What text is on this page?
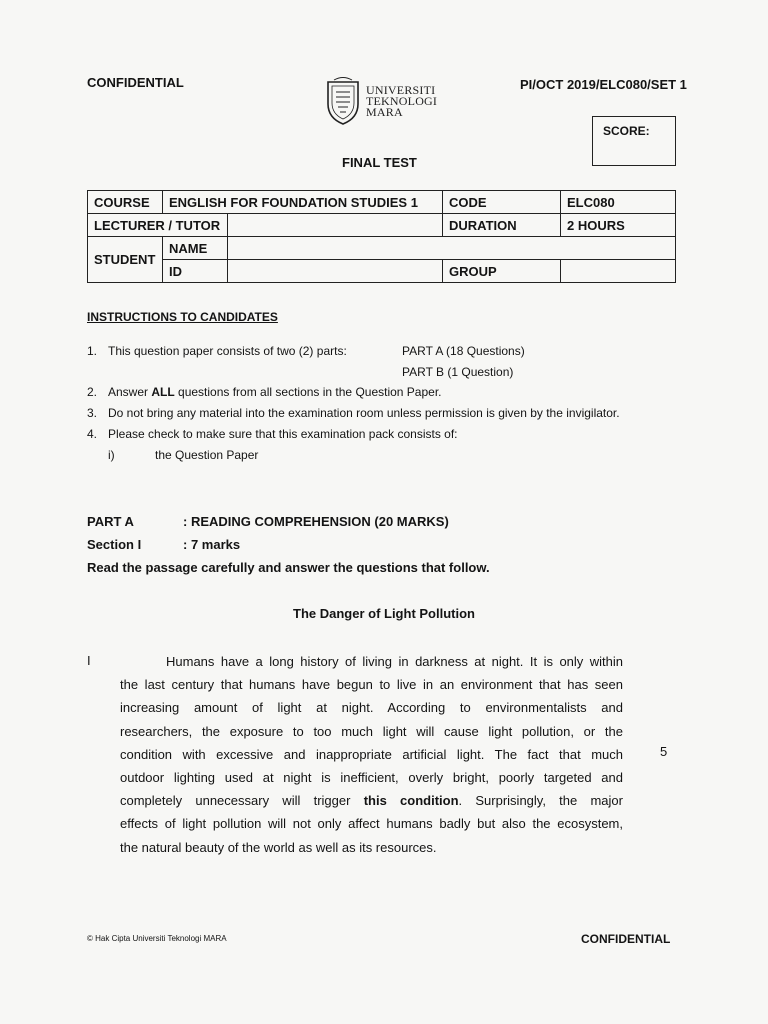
CONFIDENTIAL	UNIVERSITI
TEKNOLOGI
MARA
PI/OCT 2019/ELC080/SET 1
SCORE:
FINAL TEST
COURSE	ENGLISH FOR FOUNDATION STUDIES 1		CODE	ELC080
LECTURER / TUTOR			DURATION	2 HOURS
STUDENT	NAME			
	ID		GROUP	
INSTRUCTIONS TO CANDIDATES
1. This question paper consists of two (2) parts:	PART A (18 Questions)
PART B (1 Question)
2. Answer ALL questions from all sections in the Question Paper.
3. Do not bring any material into the examination room unless permission is given by the invigilator.
4. Please check to make sure that this examination pack consists of:
i)	the Question Paper
PART A	: READING COMPREHENSION (20 MARKS)
Section I	: 7 marks
Read the passage carefully and answer the questions that follow.
The Danger of Light Pollution
I
5
Humans have a long history of living in darkness at night. It is only within
the last century that humans have begun to live in an environment that has seen
increasing amount of light at night. According to environmentalists and
researchers, the exposure to too much light will cause light pollution, or the
condition with excessive and inappropriate artificial light. The fact that much
outdoor lighting used at night is inefficient, overly bright, poorly targeted and
completely unnecessary will trigger this condition. Surprisingly, the major
effects of light pollution will not only affect humans badly but also the ecosystem,
the natural beauty of the world as well as its resources.
© Hak Cipta Universiti Teknologi MARA	CONFIDENTIAL
